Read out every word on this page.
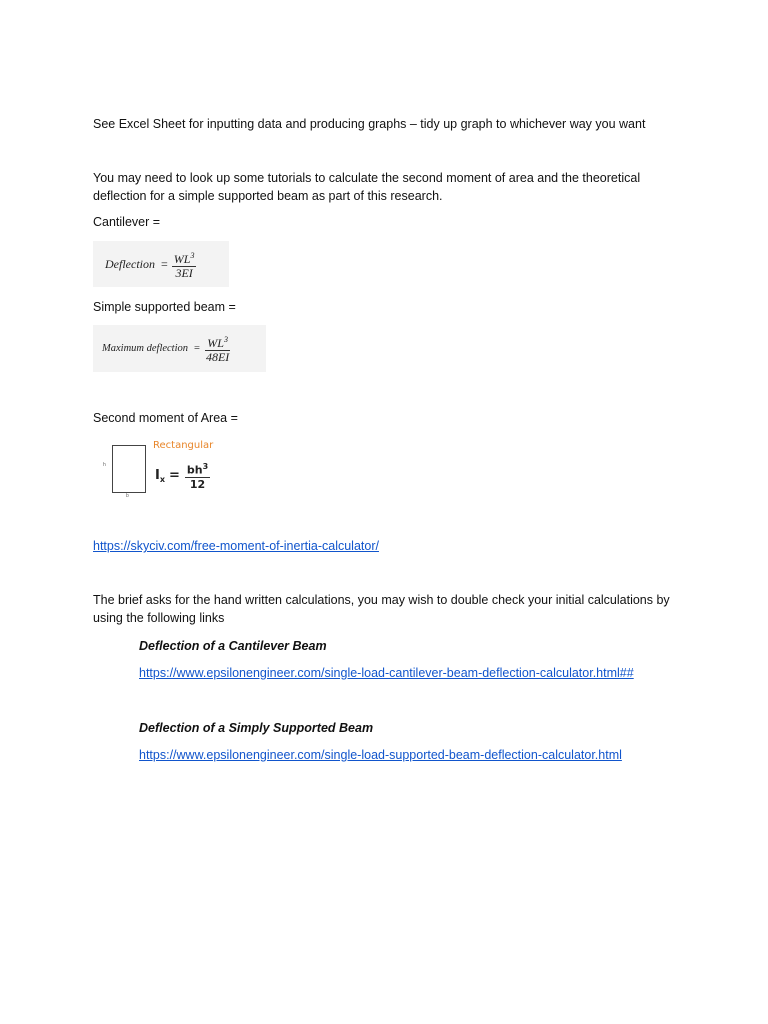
See Excel Sheet for inputting data and producing graphs – tidy up graph to whichever way you want

You may need to look up some tutorials to calculate the second moment of area and the theoretical deflection for a simple supported beam as part of this research.

Cantilever =

Deflection = $\frac{WL^3}{3EI}$

Simple supported beam =

Maximum deflection = $\frac{WL^3}{48EI}$

Second moment of Area =

h
b
Rectangular
I $x = \frac{bh^3}{12}$

https://skyciv.com/free-moment-of-inertia-calculator/

The brief asks for the hand written calculations, you may wish to double check your initial calculations by using the following links

Deflection of a Cantilever Beam

https://www.epsilonengineer.com/single-load-cantilever-beam-deflection-calculator.html##

Deflection of a Simply Supported Beam

https://www.epsilonengineer.com/single-load-supported-beam-deflection-calculator.html
